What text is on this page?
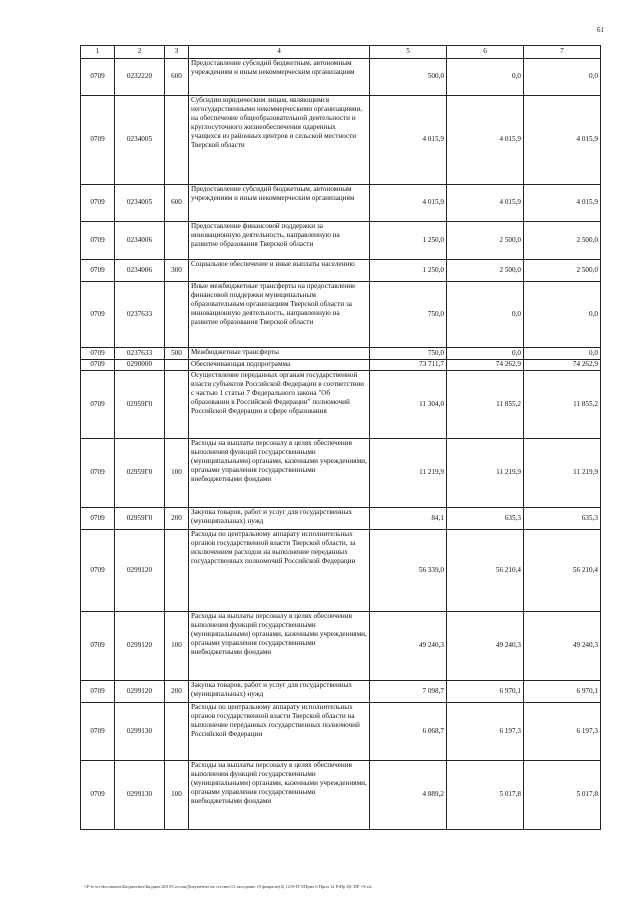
61
1	2	3	4	5	6	7
0709	0232220	600	Предоставление субсидий бюджетным, автономным учреждениям и иным некоммерческим организациям	500,0	0,0	0,0
0709	0234005		Субсидии юридическим лицам, являющимся негосударственными некоммерческими организациями, на обеспечение общеобразовательной деятельности и круглосуточного жизнеобеспечения одаренных учащихся из районных центров и сельской местности Тверской области	4 015,9	4 015,9	4 015,9
0709	0234005	600	Предоставление субсидий бюджетным, автономным учреждениям и иным некоммерческим организациям	4 015,9	4 015,9	4 015,9
0709	0234006		Предоставление финансовой поддержки за инновационную деятельность, направленную на развитие образования Тверской области	1 250,0	2 500,0	2 500,0
0709	0234006	300	Социальное обеспечение и иные выплаты населению	1 250,0	2 500,0	2 500,0
0709	0237633		Иные межбюджетные трансферты на предоставление финансовой поддержки муниципальным образовательным организациям Тверской области за инновационную деятельность, направленную на развитие образования Тверской области	750,0	0,0	0,0
0709	0237633	500	Межбюджетные трансферты	750,0	0,0	0,0
0709	0290000		Обеспечивающая подпрограмма	73 711,7	74 262,9	74 262,9
0709	02959Г0		Осуществление переданных органам государственной власти субъектов Российской Федерации в соответствии с частью 1 статьи 7 Федерального закона "Об образовании в Российской Федерации" полномочий Российской Федерации в сфере образования	11 304,0	11 855,2	11 855,2
0709	02959Г0	100	Расходы на выплаты персоналу в целях обеспечения выполнения функций государственными (муниципальными) органами, казенными учреждениями, органами управления государственными внебюджетными фондами	11 219,9	11 219,9	11 219,9
0709	02959Г0	200	Закупка товаров, работ и услуг для государственных (муниципальных) нужд	84,1	635,3	635,3
0709	0299120		Расходы по центральному аппарату исполнительных органов государственной власти Тверской области, за исключением расходов на выполнение переданных государственных полномочий Российской Федерации	56 339,0	56 210,4	56 210,4
0709	0299120	100	Расходы на выплаты персоналу в целях обеспечения выполнения функций государственными (муниципальными) органами, казенными учреждениями, органами управления государственными внебюджетными фондами	49 240,3	49 240,3	49 240,3
0709	0299120	200	Закупка товаров, работ и услуг для государственных (муниципальных) нужд	7 098,7	6 970,1	6 970,1
0709	0299130		Расходы по центральному аппарату исполнительных органов государственной власти Тверской области на выполнение переданных государственных полномочий Российской Федерации	6 068,7	6 197,3	6 197,3
0709	0299130	100	Расходы на выплаты персоналу в целях обеспечения выполнения функций государственными (муниципальными) органами, казенными учреждениями, органами управления государственными внебюджетными фондами	4 889,2	5 017,8	5 017,8
\\P-fs-srv\documents\Бюджетное\Бюджет\2015\Сессия\Документы на сессию\13 заседание 19 февраля\(4) 1219-П-5\Прил 6 Прил 12 РзПр ЦС ВР +9.xls
